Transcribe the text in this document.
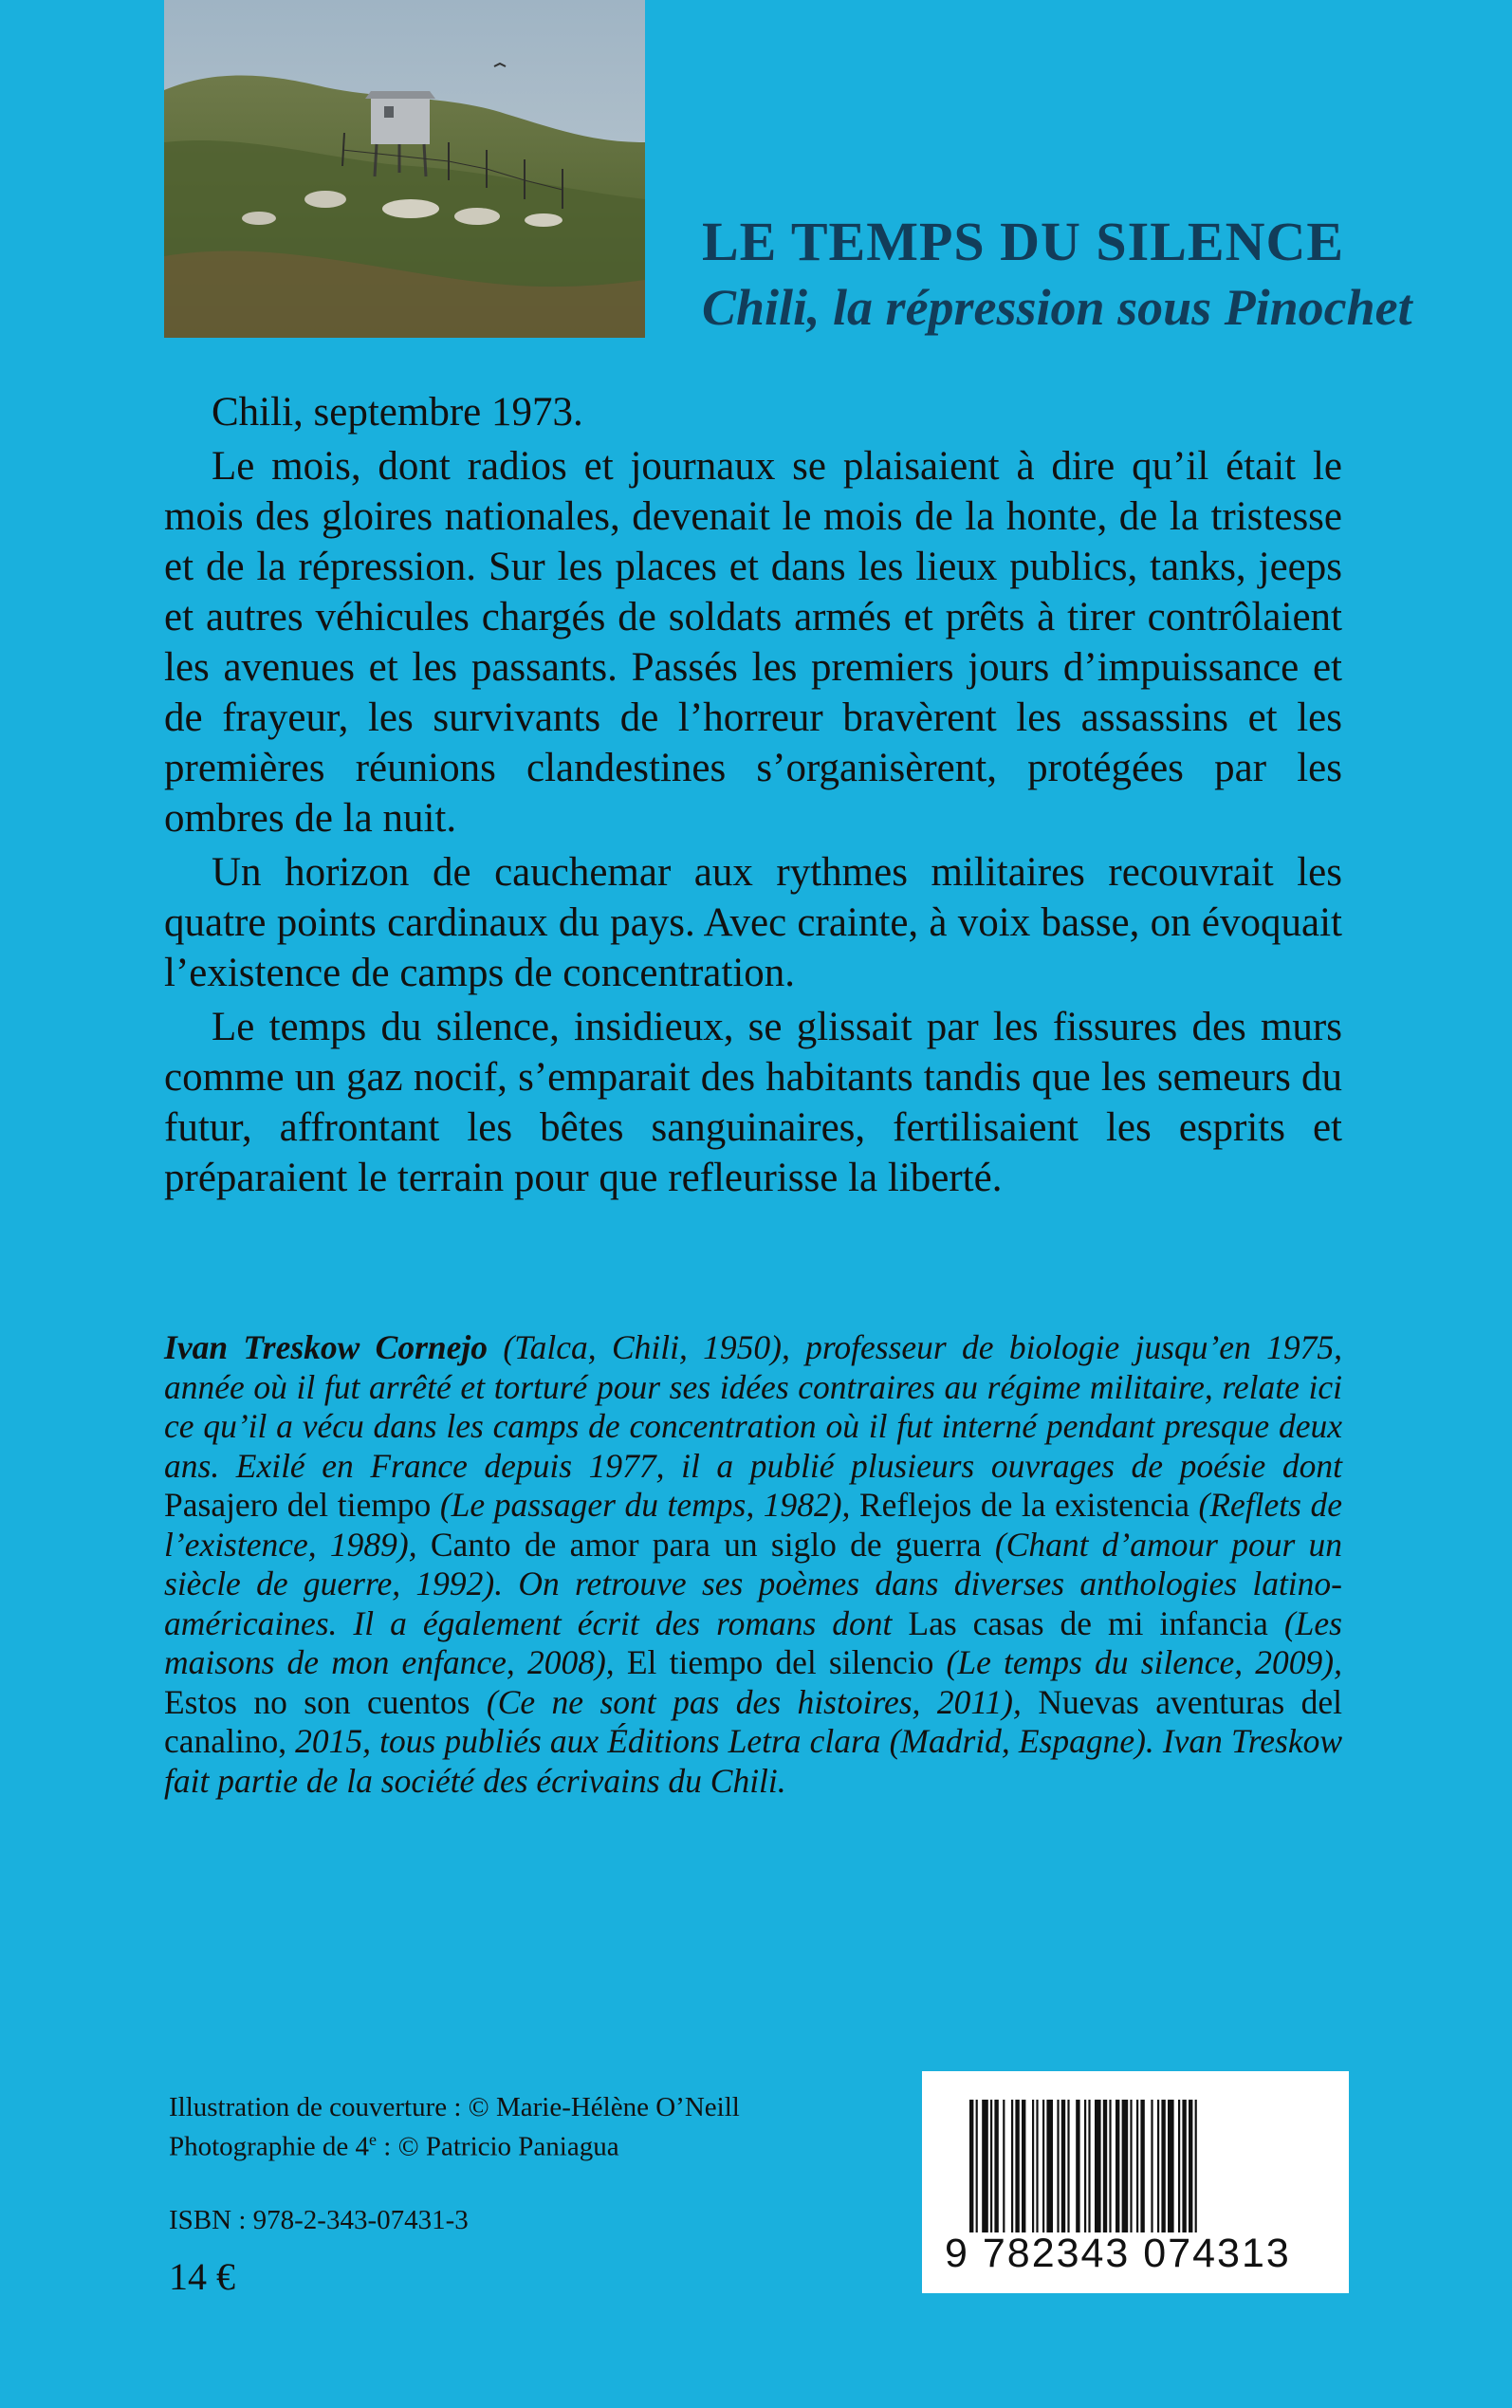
LE TEMPS DU SILENCE
Chili, la répression sous Pinochet

Chili, septembre 1973.

Le mois, dont radios et journaux se plaisaient à dire qu’il était le mois des gloires nationales, devenait le mois de la honte, de la tristesse et de la répression. Sur les places et dans les lieux publics, tanks, jeeps et autres véhicules chargés de soldats armés et prêts à tirer contrôlaient les avenues et les passants. Passés les premiers jours d’impuissance et de frayeur, les survivants de l’horreur bravèrent les assassins et les premières réunions clandestines s’organisèrent, protégées par les ombres de la nuit.

Un horizon de cauchemar aux rythmes militaires recouvrait les quatre points cardinaux du pays. Avec crainte, à voix basse, on évoquait l’existence de camps de concentration.

Le temps du silence, insidieux, se glissait par les fissures des murs comme un gaz nocif, s’emparait des habitants tandis que les semeurs du futur, affrontant les bêtes sanguinaires, fertilisaient les esprits et préparaient le terrain pour que refleurisse la liberté.

Ivan Treskow Cornejo (Talca, Chili, 1950), professeur de biologie jusqu’en 1975, année où il fut arrêté et torturé pour ses idées contraires au régime militaire, relate ici ce qu’il a vécu dans les camps de concentration où il fut interné pendant presque deux ans. Exilé en France depuis 1977, il a publié plusieurs ouvrages de poésie dont Pasajero del tiempo (Le passager du temps, 1982), Reflejos de la existencia (Reflets de l’existence, 1989), Canto de amor para un siglo de guerra (Chant d’amour pour un siècle de guerre, 1992). On retrouve ses poèmes dans diverses anthologies latino-américaines. Il a également écrit des romans dont Las casas de mi infancia (Les maisons de mon enfance, 2008), El tiempo del silencio (Le temps du silence, 2009), Estos no son cuentos (Ce ne sont pas des histoires, 2011), Nuevas aventuras del canalino, 2015, tous publiés aux Éditions Letra clara (Madrid, Espagne). Ivan Treskow fait partie de la société des écrivains du Chili.
Illustration de couverture : © Marie-Hélène O’Neill
Photographie de 4e : © Patricio Paniagua
ISBN : 978-2-343-07431-3
14 €
9 782343 074313
